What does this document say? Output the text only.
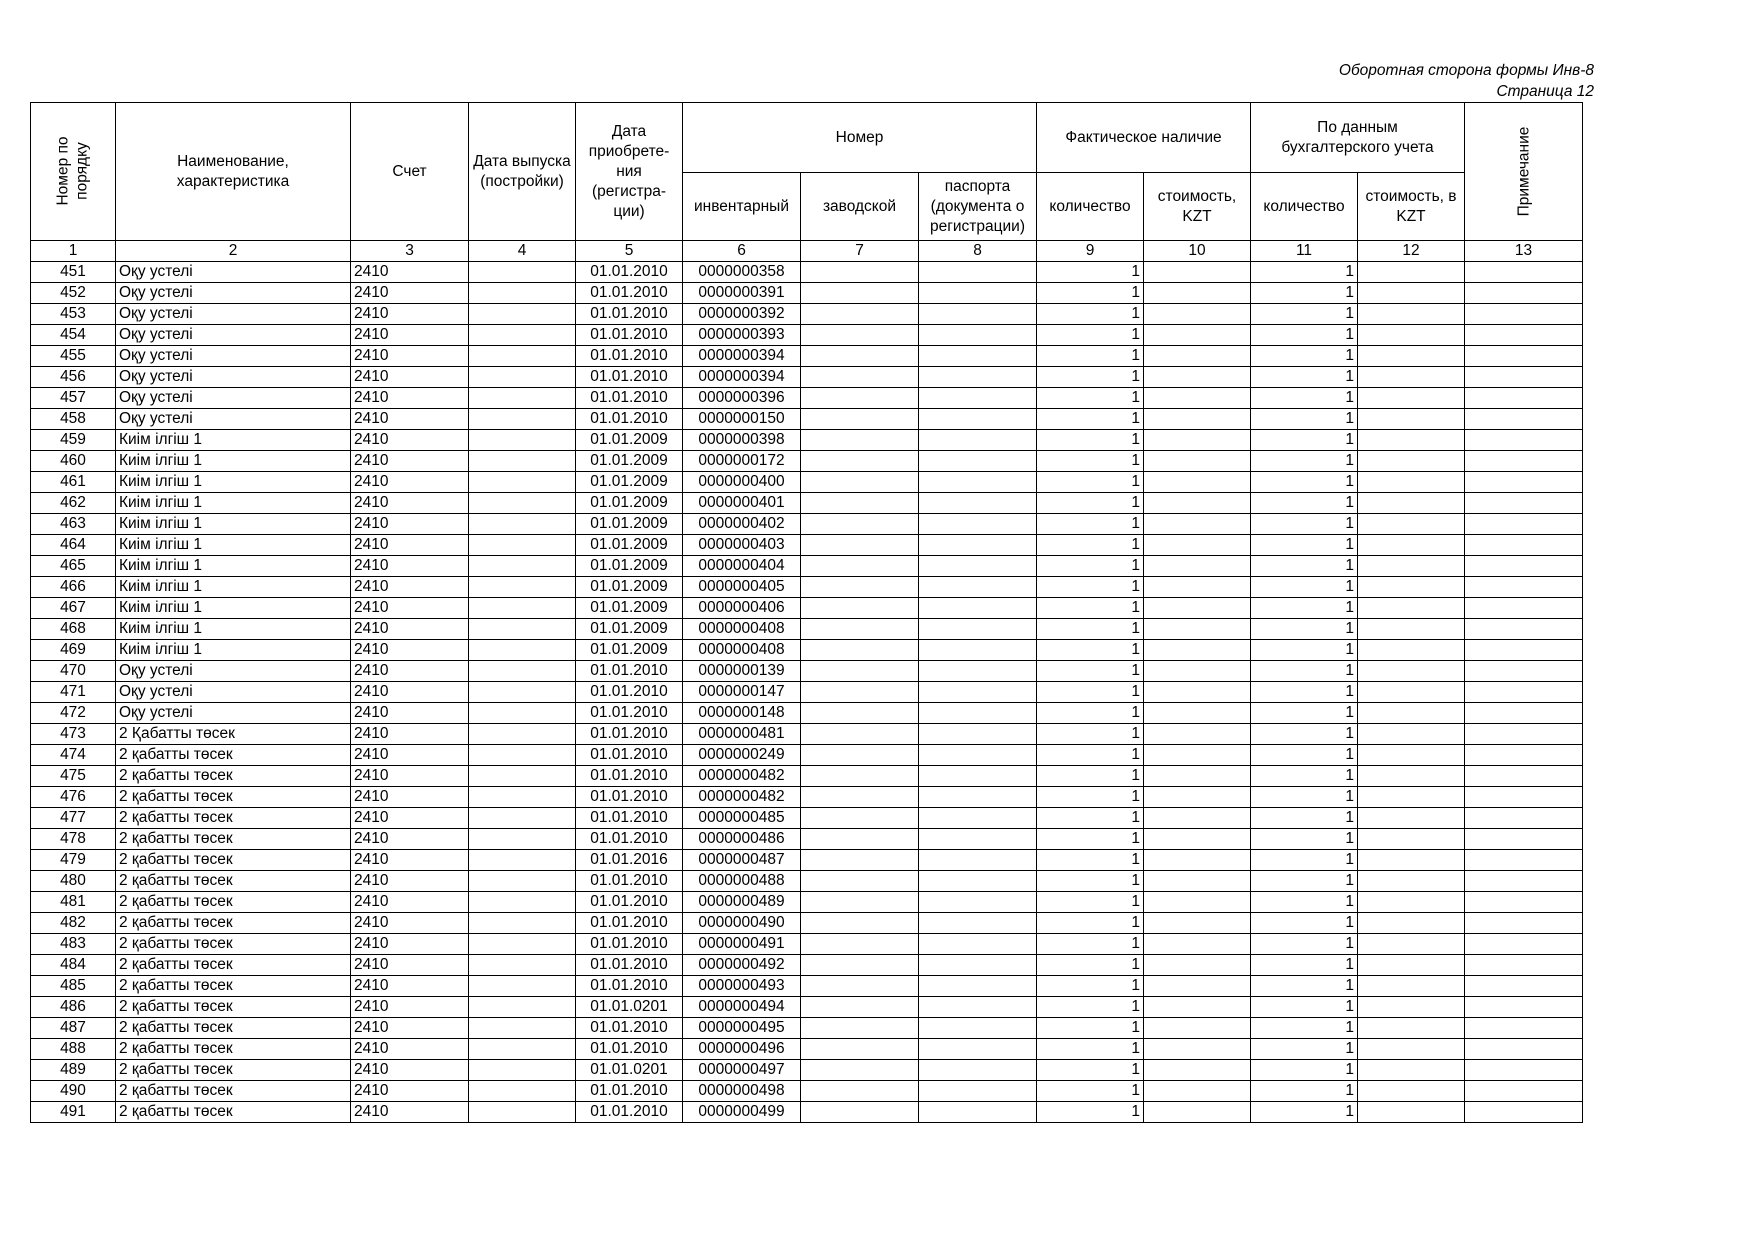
Оборотная сторона формы Инв-8
Страница 12
Номер по порядку	Наименование, характеристика	Счет	Дата выпуска (постройки)	Дата приобрете-ния (регистра-ции)	Номер			Фактическое наличие		По данным бухгалтерского учета		Примечание
					инвентарный	заводской	паспорта (документа о регистрации)	количество	стоимость, KZT	количество	стоимость, в KZT	
1	2	3	4	5	6	7	8	9	10	11	12	13
451	Оқу устелі	2410		01.01.2010	0000000358			1		1		
452	Оқу устелі	2410		01.01.2010	0000000391			1		1		
453	Оқу устелі	2410		01.01.2010	0000000392			1		1		
454	Оқу устелі	2410		01.01.2010	0000000393			1		1		
455	Оқу устелі	2410		01.01.2010	0000000394			1		1		
456	Оқу устелі	2410		01.01.2010	0000000394			1		1		
457	Оқу устелі	2410		01.01.2010	0000000396			1		1		
458	Оқу устелі	2410		01.01.2010	0000000150			1		1		
459	Киім ілгіш 1	2410		01.01.2009	0000000398			1		1		
460	Киім ілгіш 1	2410		01.01.2009	0000000172			1		1		
461	Киім ілгіш 1	2410		01.01.2009	0000000400			1		1		
462	Киім ілгіш 1	2410		01.01.2009	0000000401			1		1		
463	Киім ілгіш 1	2410		01.01.2009	0000000402			1		1		
464	Киім ілгіш 1	2410		01.01.2009	0000000403			1		1		
465	Киім ілгіш 1	2410		01.01.2009	0000000404			1		1		
466	Киім ілгіш 1	2410		01.01.2009	0000000405			1		1		
467	Киім ілгіш 1	2410		01.01.2009	0000000406			1		1		
468	Киім ілгіш 1	2410		01.01.2009	0000000408			1		1		
469	Киім ілгіш 1	2410		01.01.2009	0000000408			1		1		
470	Оқу устелі	2410		01.01.2010	0000000139			1		1		
471	Оқу устелі	2410		01.01.2010	0000000147			1		1		
472	Оқу устелі	2410		01.01.2010	0000000148			1		1		
473	2 Қабатты төсек	2410		01.01.2010	0000000481			1		1		
474	2 қабатты төсек	2410		01.01.2010	0000000249			1		1		
475	2 қабатты төсек	2410		01.01.2010	0000000482			1		1		
476	2 қабатты төсек	2410		01.01.2010	0000000482			1		1		
477	2 қабатты төсек	2410		01.01.2010	0000000485			1		1		
478	2 қабатты төсек	2410		01.01.2010	0000000486			1		1		
479	2 қабатты төсек	2410		01.01.2016	0000000487			1		1		
480	2 қабатты төсек	2410		01.01.2010	0000000488			1		1		
481	2 қабатты төсек	2410		01.01.2010	0000000489			1		1		
482	2 қабатты төсек	2410		01.01.2010	0000000490			1		1		
483	2 қабатты төсек	2410		01.01.2010	0000000491			1		1		
484	2 қабатты төсек	2410		01.01.2010	0000000492			1		1		
485	2 қабатты төсек	2410		01.01.2010	0000000493			1		1		
486	2 қабатты төсек	2410		01.01.0201	0000000494			1		1		
487	2 қабатты төсек	2410		01.01.2010	0000000495			1		1		
488	2 қабатты төсек	2410		01.01.2010	0000000496			1		1		
489	2 қабатты төсек	2410		01.01.0201	0000000497			1		1		
490	2 қабатты төсек	2410		01.01.2010	0000000498			1		1		
491	2 қабатты төсек	2410		01.01.2010	0000000499			1		1		
